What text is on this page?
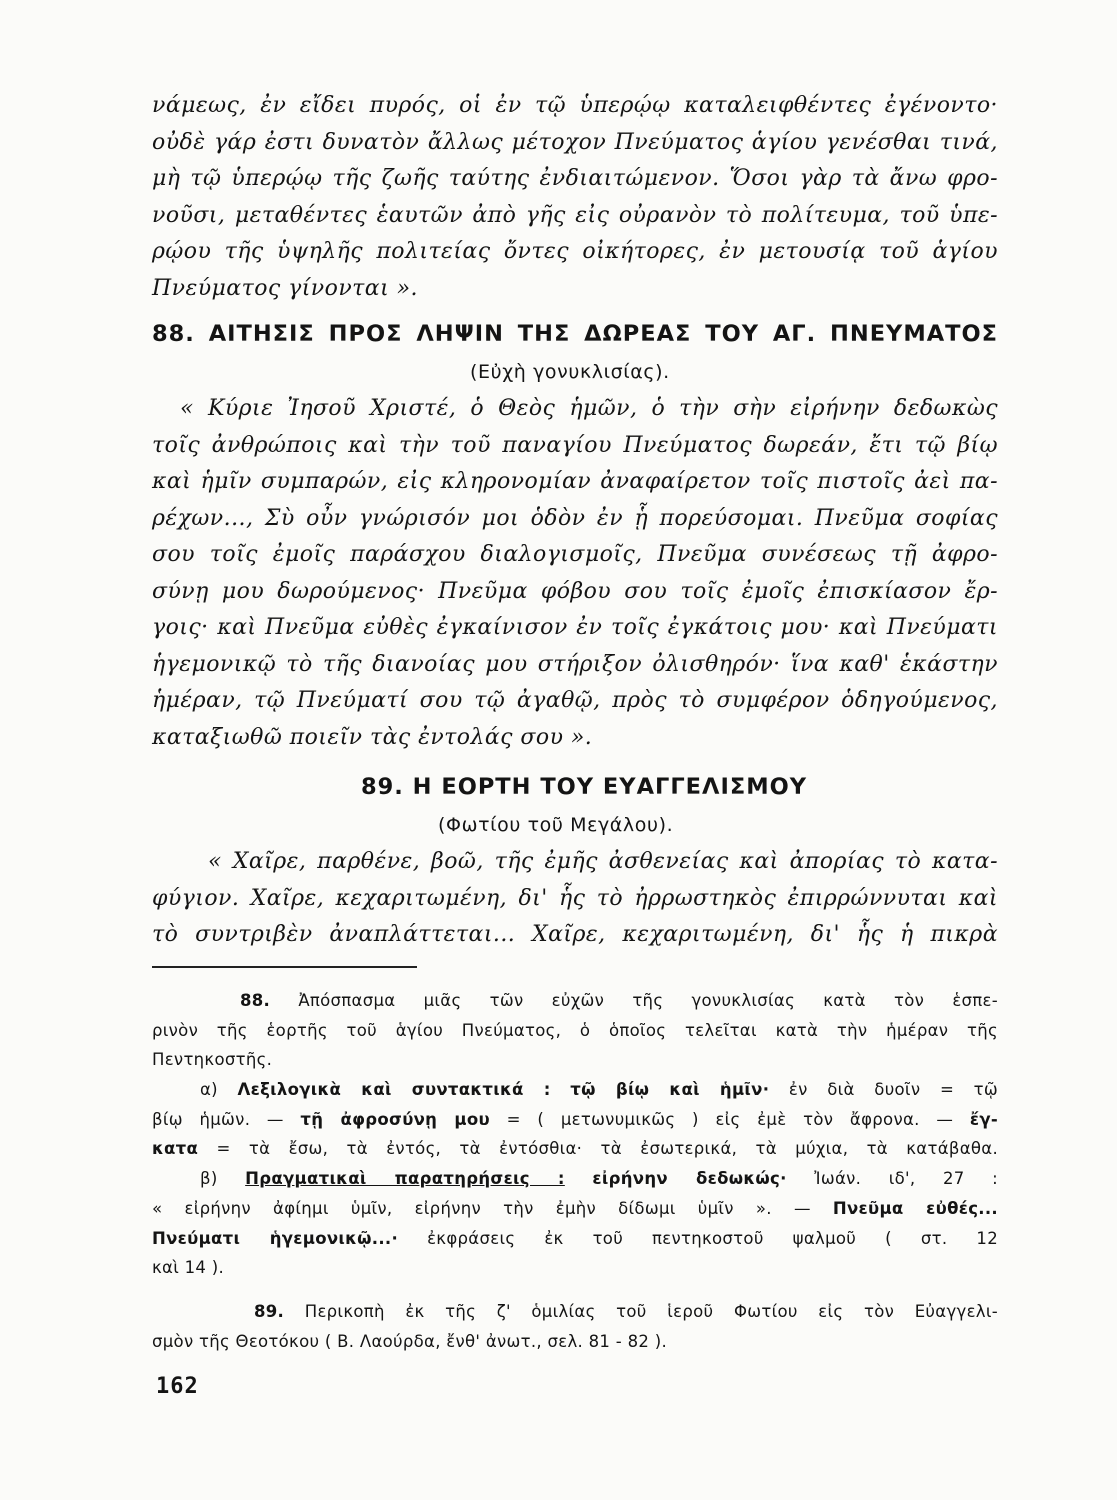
νάμεως, ἐν εἴδει πυρός, οἱ ἐν τῷ ὑπερῴῳ καταλειφθέντες ἐγένοντο·
οὐδὲ γάρ ἐστι δυνατὸν ἄλλως μέτοχον Πνεύματος ἁγίου γενέσθαι τινά,
μὴ τῷ ὑπερῴῳ τῆς ζωῆς ταύτης ἐνδιαιτώμενον. Ὅσοι γὰρ τὰ ἄνω φρο-
νοῦσι, μεταθέντες ἑαυτῶν ἀπὸ γῆς εἰς οὐρανὸν τὸ πολίτευμα, τοῦ ὑπε-
ρῴου τῆς ὑψηλῆς πολιτείας ὄντες οἰκήτορες, ἐν μετουσίᾳ τοῦ ἁγίου
Πνεύματος γίνονται ».
88. ΑΙΤΗΣΙΣ ΠΡΟΣ ΛΗΨΙΝ ΤΗΣ ΔΩΡΕΑΣ ΤΟΥ ΑΓ. ΠΝΕΥΜΑΤΟΣ
(Εὐχὴ γονυκλισίας).
« Κύριε Ἰησοῦ Χριστέ, ὁ Θεὸς ἡμῶν, ὁ τὴν σὴν εἰρήνην δεδωκὼς
τοῖς ἀνθρώποις καὶ τὴν τοῦ παναγίου Πνεύματος δωρεάν, ἔτι τῷ βίῳ
καὶ ἡμῖν συμπαρών, εἰς κληρονομίαν ἀναφαίρετον τοῖς πιστοῖς ἀεὶ πα-
ρέχων..., Σὺ οὖν γνώρισόν μοι ὁδὸν ἐν ᾗ πορεύσομαι. Πνεῦμα σοφίας
σου τοῖς ἐμοῖς παράσχου διαλογισμοῖς, Πνεῦμα συνέσεως τῇ ἀφρο-
σύνῃ μου δωρούμενος· Πνεῦμα φόβου σου τοῖς ἐμοῖς ἐπισκίασον ἔρ-
γοις· καὶ Πνεῦμα εὐθὲς ἐγκαίνισον ἐν τοῖς ἐγκάτοις μου· καὶ Πνεύματι
ἡγεμονικῷ τὸ τῆς διανοίας μου στήριξον ὀλισθηρόν· ἵνα καθ' ἑκάστην
ἡμέραν, τῷ Πνεύματί σου τῷ ἀγαθῷ, πρὸς τὸ συμφέρον ὁδηγούμενος,
καταξιωθῶ ποιεῖν τὰς ἐντολάς σου ».
89. Η ΕΟΡΤΗ ΤΟΥ ΕΥΑΓΓΕΛΙΣΜΟΥ
(Φωτίου τοῦ Μεγάλου).
« Χαῖρε, παρθένε, βοῶ, τῆς ἐμῆς ἀσθενείας καὶ ἀπορίας τὸ κατα-
φύγιον. Χαῖρε, κεχαριτωμένη, δι' ἧς τὸ ἠρρωστηκὸς ἐπιρρώννυται καὶ
τὸ συντριβὲν ἀναπλάττεται... Χαῖρε, κεχαριτωμένη, δι' ἧς ἡ πικρὰ
88. Ἀπόσπασμα μιᾶς τῶν εὐχῶν τῆς γονυκλισίας κατὰ τὸν ἑσπε-
ρινὸν τῆς ἑορτῆς τοῦ ἁγίου Πνεύματος, ὁ ὁποῖος τελεῖται κατὰ τὴν ἡμέραν τῆς
Πεντηκοστῆς.
α) Λεξιλογικὰ καὶ συντακτικά : τῷ βίῳ καὶ ἡμῖν· ἐν διὰ δυοῖν = τῷ
βίῳ ἡμῶν. — τῇ ἀφροσύνῃ μου = ( μετωνυμικῶς ) εἰς ἐμὲ τὸν ἄφρονα. — ἔγ-
κατα = τὰ ἔσω, τὰ ἐντός, τὰ ἐντόσθια· τὰ ἐσωτερικά, τὰ μύχια, τὰ κατάβαθα.
β) Πραγματικαὶ παρατηρήσεις : εἰρήνην δεδωκώς· Ἰωάν. ιδ', 27 :
« εἰρήνην ἀφίημι ὑμῖν, εἰρήνην τὴν ἐμὴν δίδωμι ὑμῖν ». — Πνεῦμα εὐθές...
Πνεύματι ἡγεμονικῷ...· ἐκφράσεις ἐκ τοῦ πεντηκοστοῦ ψαλμοῦ ( στ. 12
καὶ 14 ).
89. Περικοπὴ ἐκ τῆς ζ' ὁμιλίας τοῦ ἱεροῦ Φωτίου εἰς τὸν Εὐαγγελι-
σμὸν τῆς Θεοτόκου ( Β. Λαούρδα, ἔνθ' ἀνωτ., σελ. 81 - 82 ).
162
